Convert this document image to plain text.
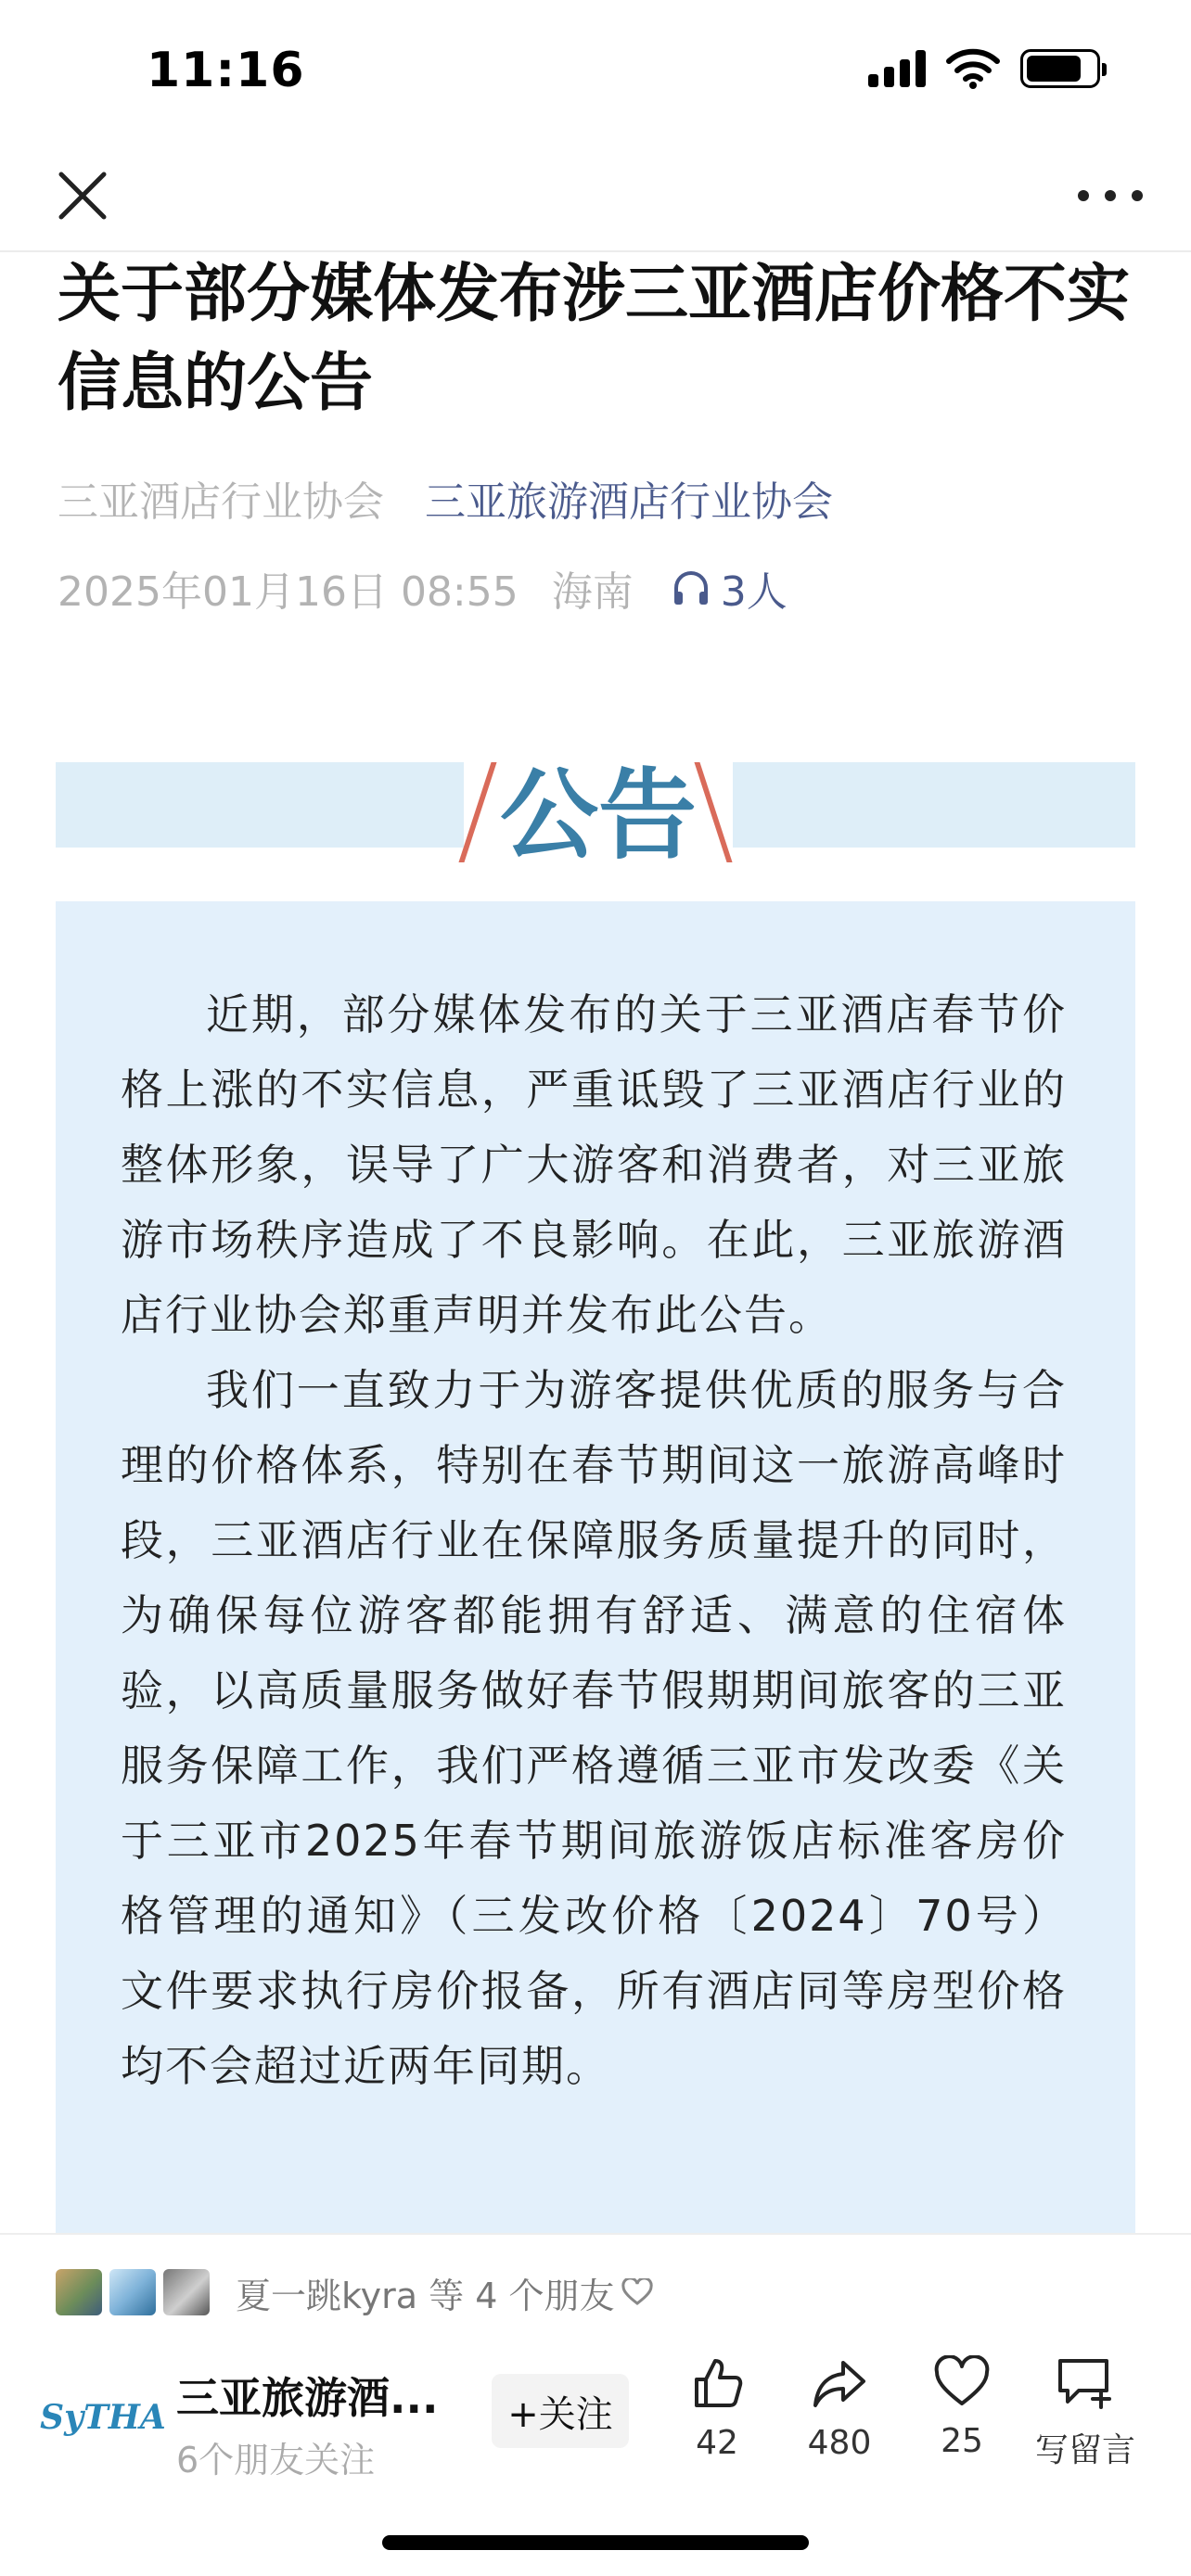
11:16
关于部分媒体发布涉三亚酒店价格不实信息的公告
三亚酒店行业协会 三亚旅游酒店行业协会
2025年01月16日 08:55 海南 3人
公告

近期，部分媒体发布的关于三亚酒店春节价格上涨的不实信息，严重诋毁了三亚酒店行业的整体形象，误导了广大游客和消费者，对三亚旅游市场秩序造成了不良影响。在此，三亚旅游酒店行业协会郑重声明并发布此公告。

我们一直致力于为游客提供优质的服务与合理的价格体系，特别在春节期间这一旅游高峰时段，三亚酒店行业在保障服务质量提升的同时，为确保每位游客都能拥有舒适、满意的住宿体验，以高质量服务做好春节假期期间旅客的三亚服务保障工作，我们严格遵循三亚市发改委《关于三亚市2025年春节期间旅游饭店标准客房价格管理的通知》（三发改价格〔2024〕70号）文件要求执行房价报备，所有酒店同等房型价格均不会超过近两年同期。

夏一跳kyra 等 4 个朋友
SyTHA 三亚旅游酒...
6个朋友关注
+关注
42 480 25 写留言
